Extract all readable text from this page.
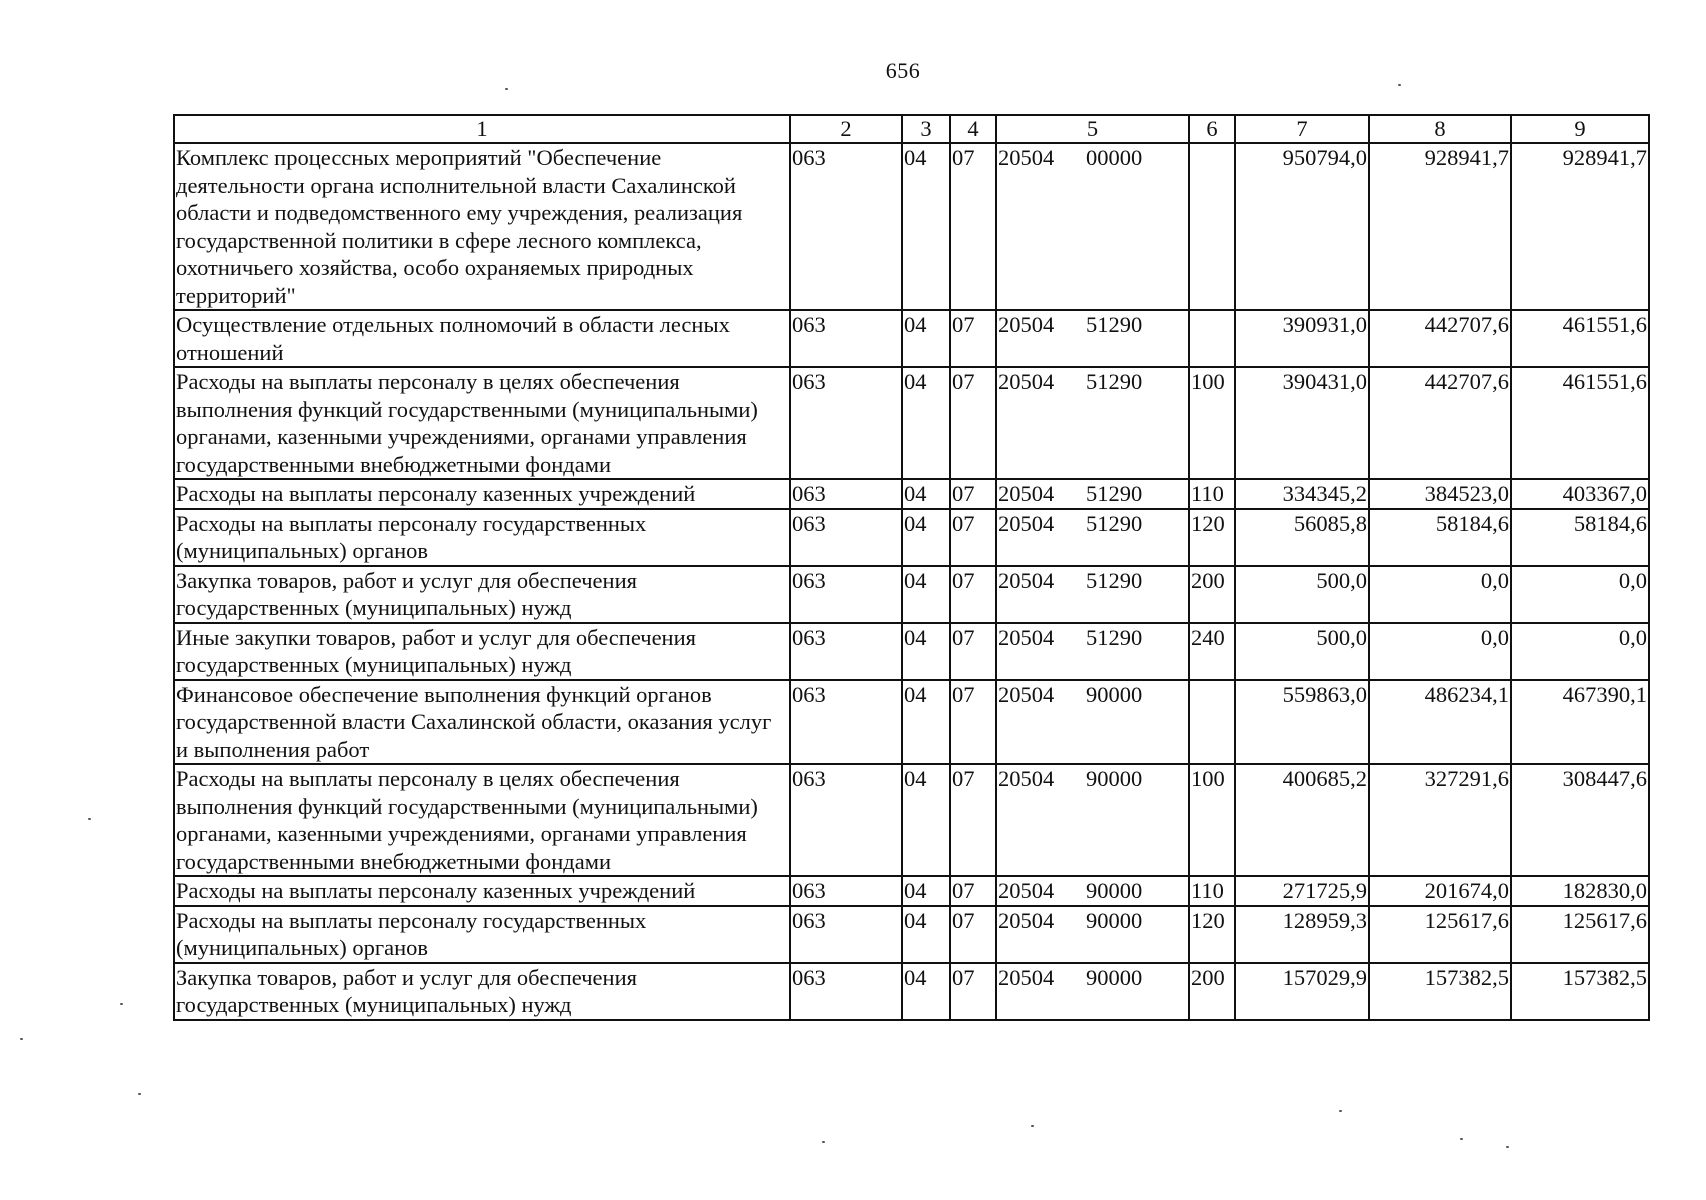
656
1	2	3	4	5	6	7	8	9
Комплекс процессных мероприятий "Обеспечение деятельности органа исполнительной власти Сахалинской области и подведомственного ему учреждения, реализация государственной политики в сфере лесного комплекса, охотничьего хозяйства, особо охраняемых природных территорий"	063	04	07	20504 00000		950794,0	928941,7	928941,7
Осуществление отдельных полномочий в области лесных отношений	063	04	07	20504 51290		390931,0	442707,6	461551,6
Расходы на выплаты персоналу в целях обеспечения выполнения функций государственными (муниципальными) органами, казенными учреждениями, органами управления государственными внебюджетными фондами	063	04	07	20504 51290	100	390431,0	442707,6	461551,6
Расходы на выплаты персоналу казенных учреждений	063	04	07	20504 51290	110	334345,2	384523,0	403367,0
Расходы на выплаты персоналу государственных (муниципальных) органов	063	04	07	20504 51290	120	56085,8	58184,6	58184,6
Закупка товаров, работ и услуг для обеспечения государственных (муниципальных) нужд	063	04	07	20504 51290	200	500,0	0,0	0,0
Иные закупки товаров, работ и услуг для обеспечения государственных (муниципальных) нужд	063	04	07	20504 51290	240	500,0	0,0	0,0
Финансовое обеспечение выполнения функций органов государственной власти Сахалинской области, оказания услуг и выполнения работ	063	04	07	20504 90000		559863,0	486234,1	467390,1
Расходы на выплаты персоналу в целях обеспечения выполнения функций государственными (муниципальными) органами, казенными учреждениями, органами управления государственными внебюджетными фондами	063	04	07	20504 90000	100	400685,2	327291,6	308447,6
Расходы на выплаты персоналу казенных учреждений	063	04	07	20504 90000	110	271725,9	201674,0	182830,0
Расходы на выплаты персоналу государственных (муниципальных) органов	063	04	07	20504 90000	120	128959,3	125617,6	125617,6
Закупка товаров, работ и услуг для обеспечения государственных (муниципальных) нужд	063	04	07	20504 90000	200	157029,9	157382,5	157382,5
